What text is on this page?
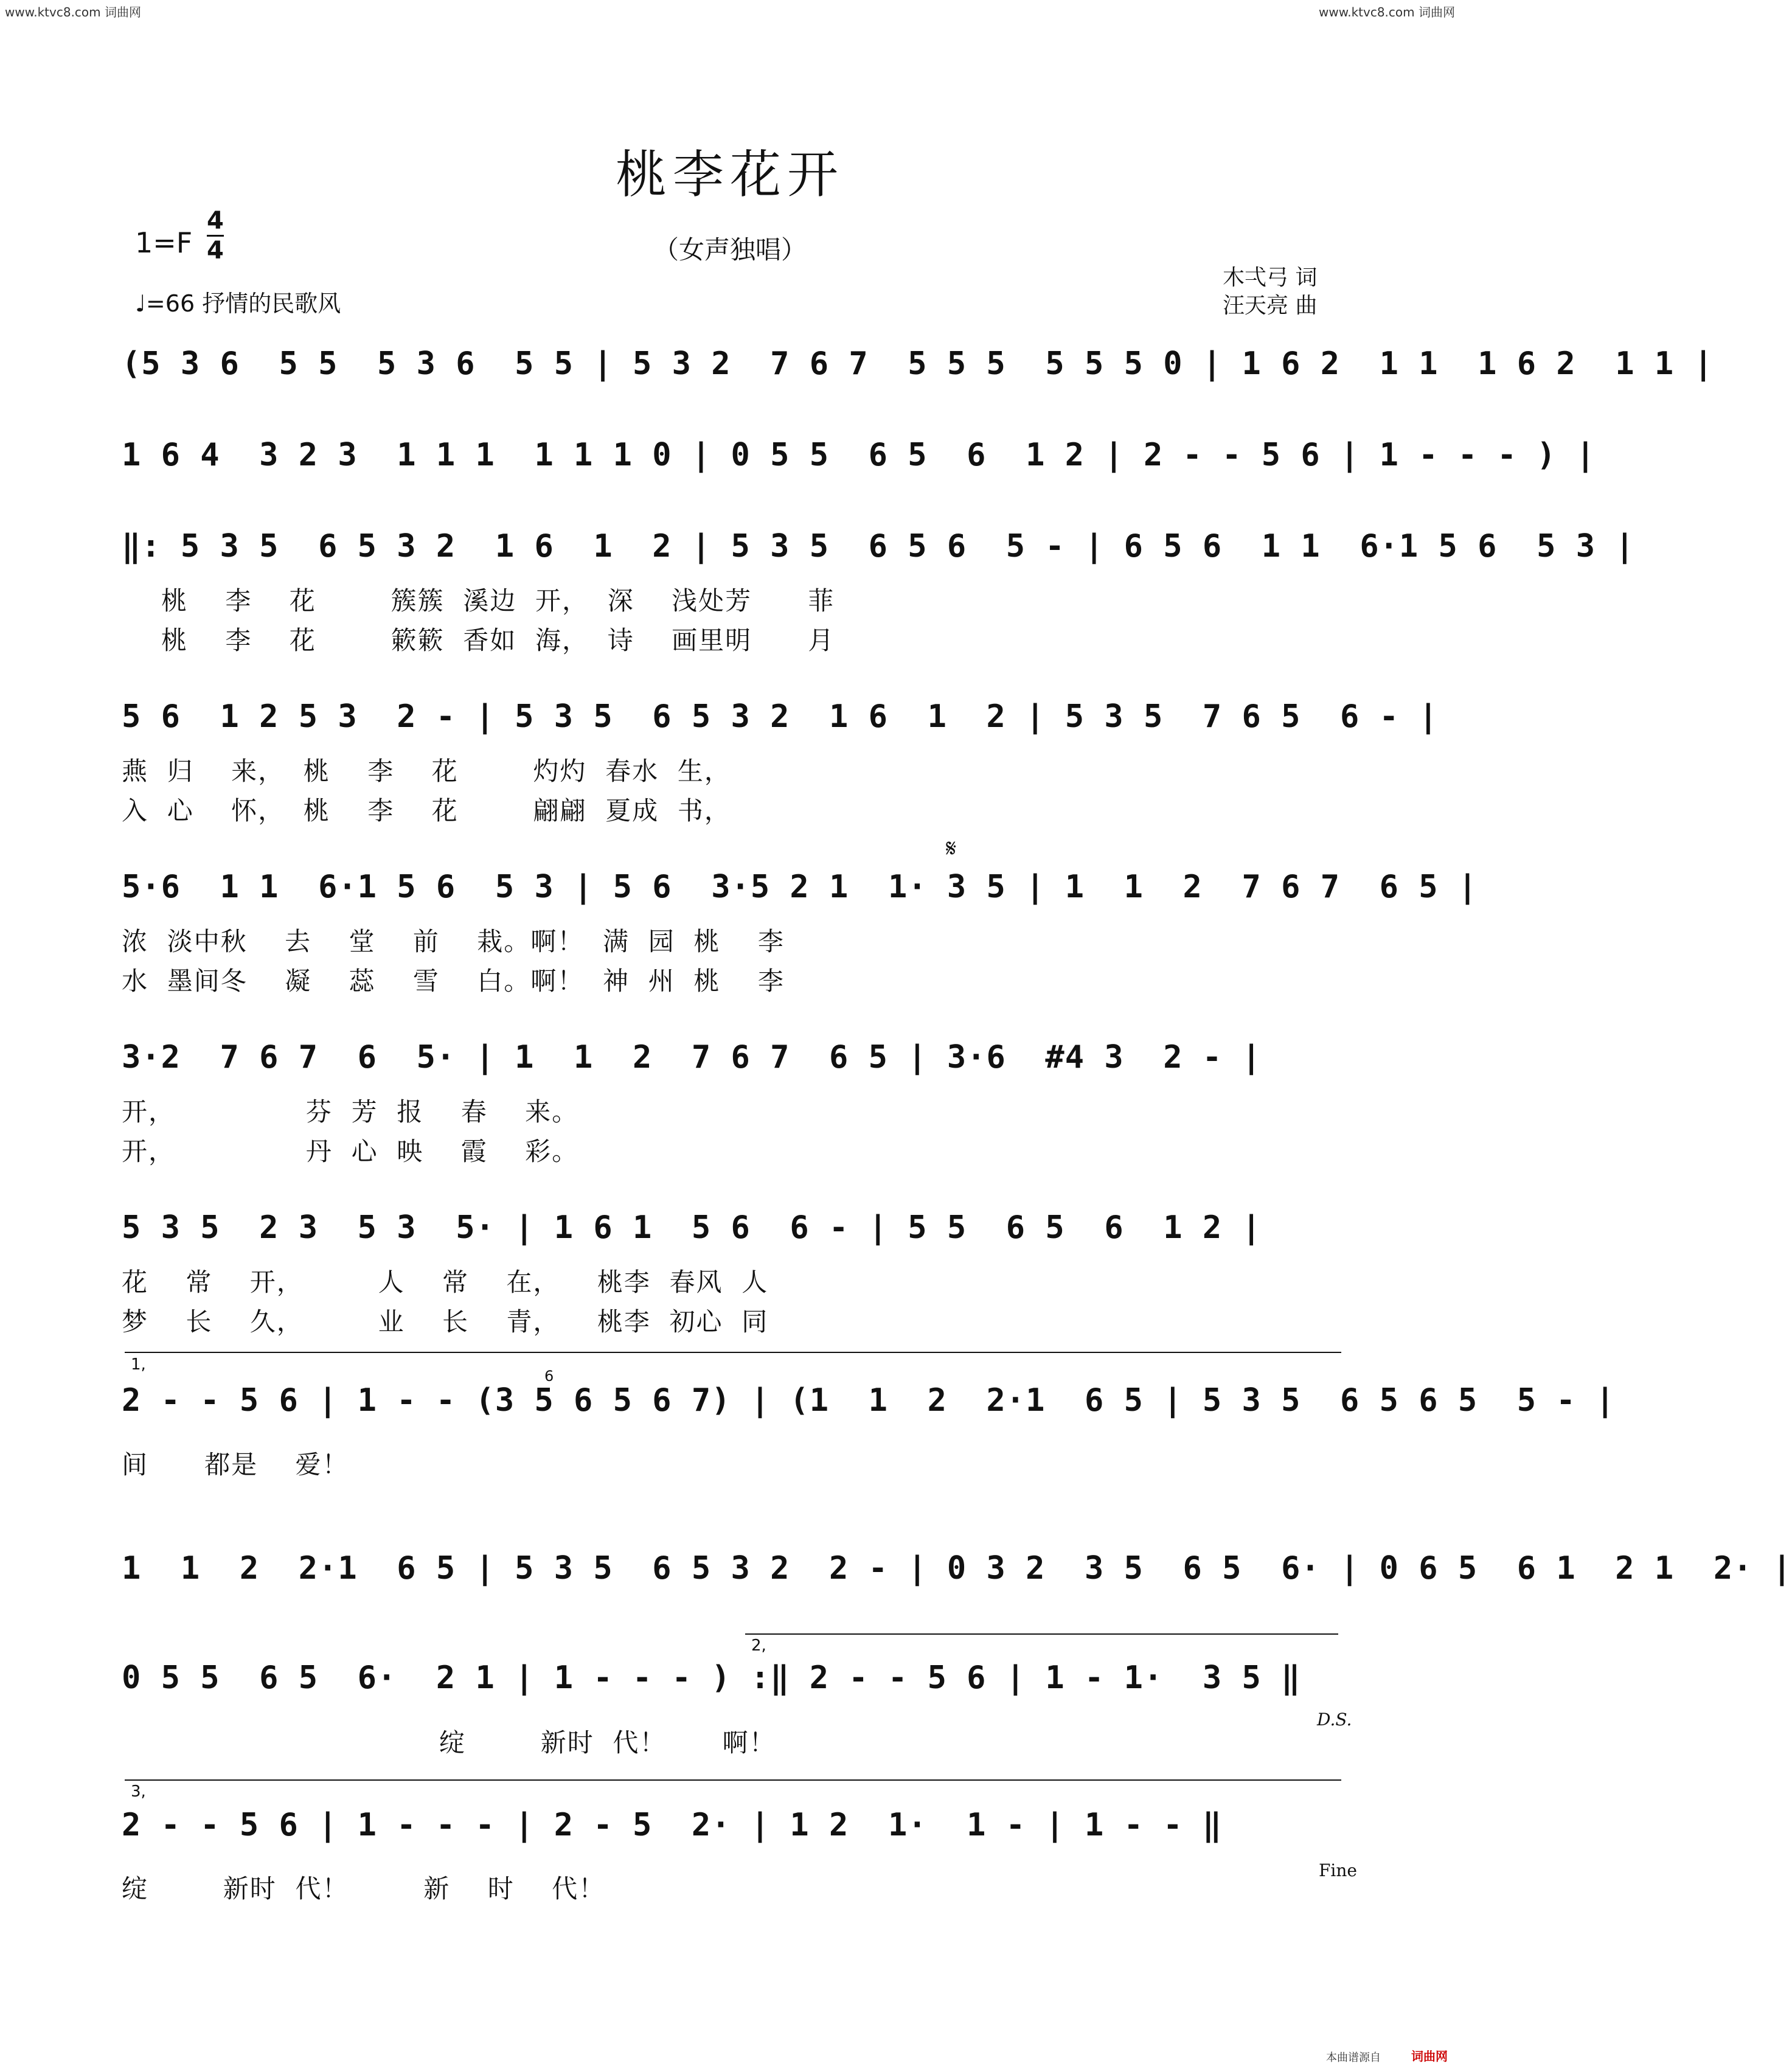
www.ktvc8.com 词曲网	www.ktvc8.com 词曲网
桃李花开
（女声独唱）
1=F
4
4
♩=66 抒情的民歌风
木弌弓 词
汪天亮 曲
(5 3 6  5 5  5 3 6  5 5 | 5 3 2  7 6 7  5 5 5  5 5 5 0 | 1 6 2  1 1  1 6 2  1 1 |
1 6 4  3 2 3  1 1 1  1 1 1 0 | 0 5 5  6 5  6  1 2 | 2 - - 5 6 | 1 - - - ) |
‖: 5 3 5  6 5 3 2  1 6  1  2 | 5 3 5  6 5 6  5 - | 6 5 6  1 1  6·1 5 6  5 3 |
桃    李    花        簇簇  溪边  开，  深    浅处芳      菲
桃    李    花        簌簌  香如  海，  诗    画里明      月
5 6  1 2 5 3  2 - | 5 3 5  6 5 3 2  1 6  1  2 | 5 3 5  7 6 5  6 - |
燕  归    来，  桃    李    花        灼灼  春水  生，
入  心    怀，  桃    李    花        翩翩  夏成  书，
𝄋
5·6  1 1  6·1 5 6  5 3 | 5 6  3·5 2 1  1· 3 5 | 1  1  2  7 6 7  6 5 |
浓  淡中秋    去    堂    前    栽。啊！  满  园  桃    李
水  墨间冬    凝    蕊    雪    白。啊！  神  州  桃    李
3·2  7 6 7  6  5· | 1  1  2  7 6 7  6 5 | 3·6  #4 3  2 - |
开，              芬  芳  报    春    来。
开，              丹  心  映    霞    彩。
5 3 5  2 3  5 3  5· | 1 6 1  5 6  6 - | 5 5  6 5  6  1 2 |
花    常    开，        人    常    在，    桃李  春风  人
梦    长    久，        业    长    青，    桃李  初心  同
1,
6
2 - - 5 6 | 1 - - (3 5 6 5 6 7) | (1  1  2  2·1  6 5 | 5 3 5  6 5 6 5  5 - |
间      都是    爱！
1  1  2  2·1  6 5 | 5 3 5  6 5 3 2  2 - | 0 3 2  3 5  6 5  6· | 0 6 5  6 1  2 1  2· |
2,
0 5 5  6 5  6·  2 1 | 1 - - - ) :‖ 2 - - 5 6 | 1 - 1·  3 5 ‖
绽        新时  代！      啊！
D.S.
3,
2 - - 5 6 | 1 - - - | 2 - 5  2· | 1 2  1·  1 - | 1 - - ‖
绽        新时  代！        新    时    代！
Fine
本曲谱源自	词曲网
